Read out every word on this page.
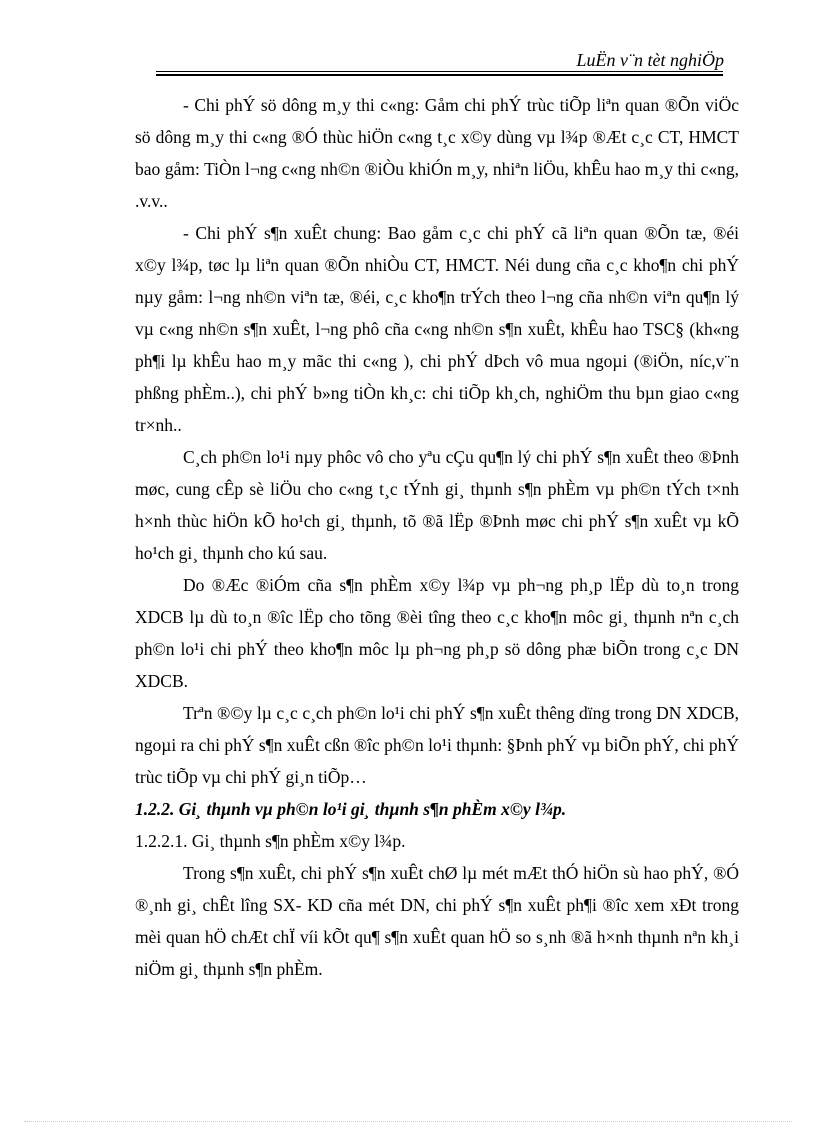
LuËn v¨n tèt nghiÖp

- Chi phÝ sö dông m¸y thi c«ng: Gåm chi phÝ trùc tiÕp liªn quan ®Õn viÖc sö dông m¸y thi c«ng ®Ó thùc hiÖn c«ng t¸c x©y dùng vµ l¾p ®Æt c¸c CT, HMCT bao gåm: TiÒn l¬ng c«ng nh©n ®iÒu khiÓn m¸y, nhiªn liÖu, khÊu hao m¸y thi c«ng, .v.v..

- Chi phÝ s¶n xuÊt chung: Bao gåm c¸c chi phÝ cã liªn quan ®Õn tæ, ®éi x©y l¾p, tøc lµ liªn quan ®Õn nhiÒu CT, HMCT. Néi dung cña c¸c kho¶n chi phÝ nµy gåm: l¬ng nh©n viªn tæ, ®éi, c¸c kho¶n trÝch theo l¬ng cña nh©n viªn qu¶n lý vµ c«ng nh©n s¶n xuÊt, l¬ng phô cña c«ng nh©n s¶n xuÊt, khÊu hao TSC§ (kh«ng ph¶i lµ khÊu hao m¸y mãc thi c«ng ), chi phÝ dÞch vô mua ngoµi (®iÖn, níc,v¨n phßng phÈm..), chi phÝ b»ng tiÒn kh¸c: chi tiÕp kh¸ch, nghiÖm thu bµn giao c«ng tr×nh..

C¸ch ph©n lo¹i nµy phôc vô cho yªu cÇu qu¶n lý chi phÝ s¶n xuÊt theo ®Þnh møc, cung cÊp sè liÖu cho c«ng t¸c tÝnh gi¸ thµnh s¶n phÈm vµ ph©n tÝch t×nh h×nh thùc hiÖn kÕ ho¹ch gi¸ thµnh, tõ ®ã lËp ®Þnh møc chi phÝ s¶n xuÊt vµ kÕ ho¹ch gi¸ thµnh cho kú sau.

Do ®Æc ®iÓm cña s¶n phÈm x©y l¾p vµ ph¬ng ph¸p lËp dù to¸n trong XDCB lµ dù to¸n ®îc lËp cho tõng ®èi tîng theo c¸c kho¶n môc gi¸ thµnh nªn c¸ch ph©n lo¹i chi phÝ theo kho¶n môc lµ ph¬ng ph¸p sö dông phæ biÕn trong c¸c DN XDCB.

Trªn ®©y lµ c¸c c¸ch ph©n lo¹i chi phÝ s¶n xuÊt thêng dïng trong DN XDCB, ngoµi ra chi phÝ s¶n xuÊt cßn ®îc ph©n lo¹i thµnh: §Þnh phÝ vµ biÕn phÝ, chi phÝ trùc tiÕp vµ chi phÝ gi¸n tiÕp…

1.2.2. Gi¸ thµnh vµ ph©n lo¹i gi¸ thµnh s¶n phÈm x©y l¾p.

1.2.2.1. Gi¸ thµnh s¶n phÈm x©y l¾p.

Trong s¶n xuÊt, chi phÝ s¶n xuÊt chØ lµ mét mÆt thÓ hiÖn sù hao phÝ, ®Ó ®¸nh gi¸ chÊt lîng SX- KD cña mét DN, chi phÝ s¶n xuÊt ph¶i ®îc xem xÐt trong mèi quan hÖ chÆt chÏ víi kÕt qu¶ s¶n xuÊt quan hÖ so s¸nh ®ã h×nh thµnh nªn kh¸i niÖm gi¸ thµnh s¶n phÈm.
